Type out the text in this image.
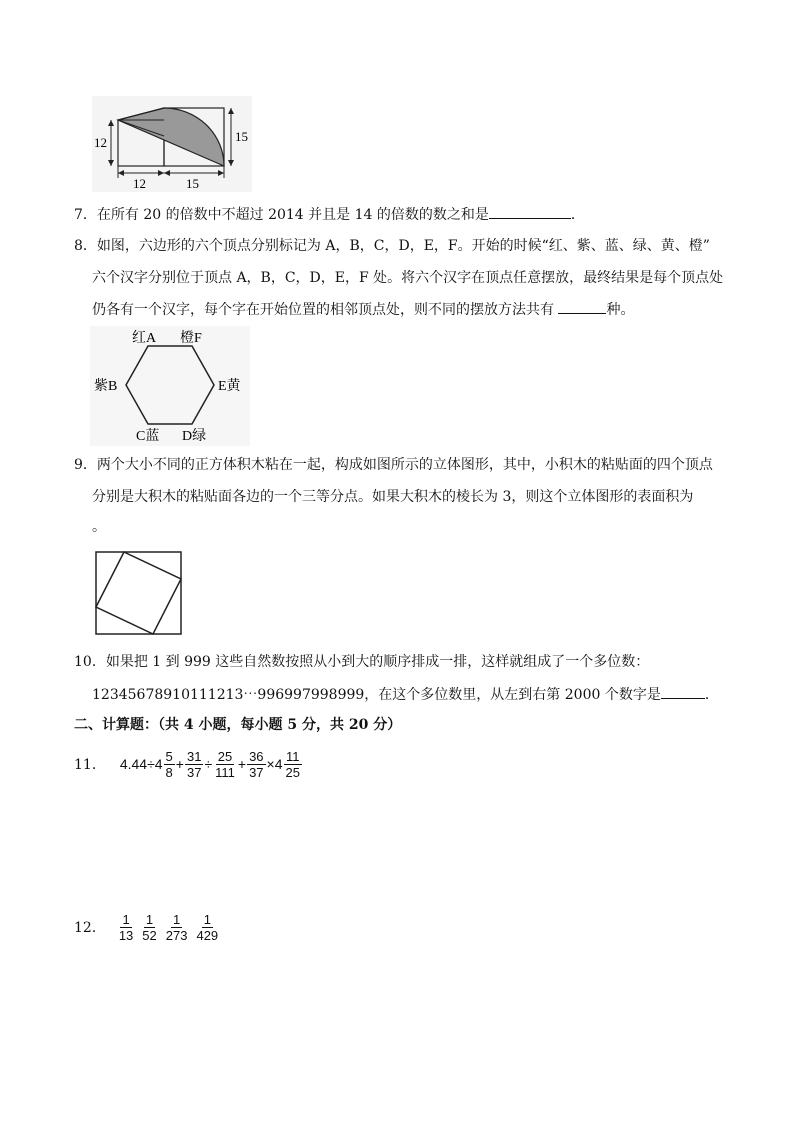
12	15
12	15
7．在所有 20 的倍数中不超过 2014 并且是 14 的倍数的数之和是	．
8．如图，六边形的六个顶点分别标记为 A，B，C，D，E，F。开始的时候“红、紫、蓝、绿、黄、橙”
六个汉字分别位于顶点 A，B，C，D，E，F 处。将六个汉字在顶点任意摆放，最终结果是每个顶点处
仍各有一个汉字，每个字在开始位置的相邻顶点处，则不同的摆放方法共有	种。
红A 橙F
紫B	E黄
C蓝 D绿
9．两个大小不同的正方体积木粘在一起，构成如图所示的立体图形，其中，小积木的粘贴面的四个顶点
分别是大积木的粘贴面各边的一个三等分点。如果大积木的棱长为 3，则这个立体图形的表面积为
。
10．如果把 1 到 999 这些自然数按照从小到大的顺序排成一排，这样就组成了一个多位数：
12345678910111213⋯996997998999，在这个多位数里，从左到右第 2000 个数字是	．
二、计算题：（共 4 小题，每小题 5 分，共 20 分）
11． $4.44\div 4 \frac{5}{8} + \frac{31}{37} \div \frac{25}{111} + \frac{36}{37} \times 4 \frac{11}{25}$
12． $\frac{1}{13} \frac{1}{52} \frac{1}{273} \frac{1}{429}$
